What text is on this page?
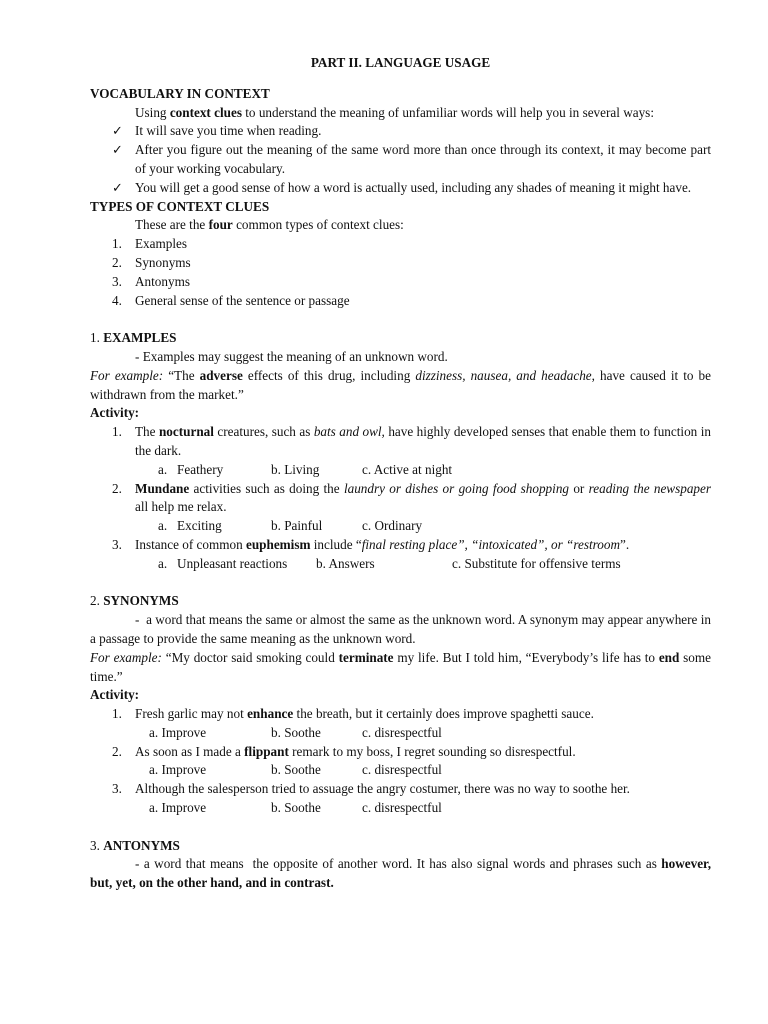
PART II. LANGUAGE USAGE

VOCABULARY IN CONTEXT

Using context clues to understand the meaning of unfamiliar words will help you in several ways:

✓ It will save you time when reading.
✓ After you figure out the meaning of the same word more than once through its context, it may become part of your working vocabulary.
✓ You will get a good sense of how a word is actually used, including any shades of meaning it might have.

TYPES OF CONTEXT CLUES

These are the four common types of context clues:

1. Examples
2. Synonyms
3. Antonyms
4. General sense of the sentence or passage

1. EXAMPLES

- Examples may suggest the meaning of an unknown word.

For example: “The adverse effects of this drug, including dizziness, nausea, and headache, have caused it to be withdrawn from the market.”

Activity:

1. The nocturnal creatures, such as bats and owl, have highly developed senses that enable them to function in the dark.
a.   Feathery	b. Living	c. Active at night
2. Mundane activities such as doing the laundry or dishes or going food shopping or reading the newspaper all help me relax.
a.   Exciting	b. Painful	c. Ordinary
3. Instance of common euphemism include “final resting place”, “intoxicated”, or “restroom”.
a.   Unpleasant reactions b. Answers	c. Substitute for offensive terms

2. SYNONYMS

-  a word that means the same or almost the same as the unknown word. A synonym may appear anywhere in a passage to provide the same meaning as the unknown word.

For example: “My doctor said smoking could terminate my life. But I told him, “Everybody’s life has to end some time.”

Activity:

1. Fresh garlic may not enhance the breath, but it certainly does improve spaghetti sauce.
a. Improve	b. Soothe	c. disrespectful
2. As soon as I made a flippant remark to my boss, I regret sounding so disrespectful.
a. Improve	b. Soothe	c. disrespectful
3. Although the salesperson tried to assuage the angry costumer, there was no way to soothe her.
a. Improve	b. Soothe	c. disrespectful

3. ANTONYMS

- a word that means  the opposite of another word. It has also signal words and phrases such as however, but, yet, on the other hand, and in contrast.
